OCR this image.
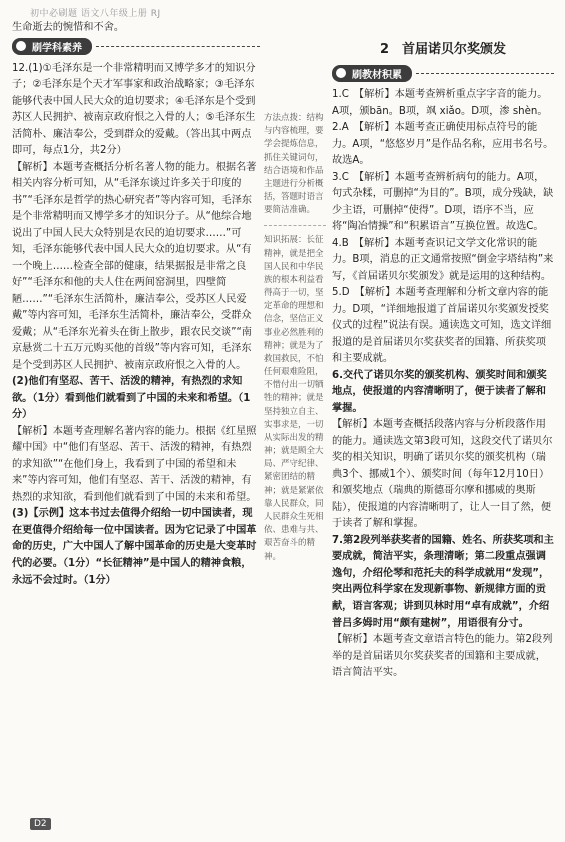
初中必刷题 语文八年级上册 RJ

生命逝去的惋惜和不舍。

刷学科素养

12.(1)①毛泽东是一个非常精明而又博学多才的知识分子；②毛泽东是个天才军事家和政治战略家；③毛泽东能够代表中国人民大众的迫切要求；④毛泽东是个受到苏区人民拥护、被南京政府恨之入骨的人；⑤毛泽东生活简朴、廉洁奉公，受到群众的爱戴。（答出其中两点即可，每点1分，共2分）

【解析】本题考查概括分析名著人物的能力。根据名著相关内容分析可知，从“毛泽东谈过许多关于印度的书”“毛泽东是哲学的热心研究者”等内容可知，毛泽东是个非常精明而又博学多才的知识分子。从“他综合地说出了中国人民大众特别是农民的迫切要求……”可知，毛泽东能够代表中国人民大众的迫切要求。从“有一个晚上……检查全部的健康，结果据报是非常之良好”“毛泽东和他的夫人住在两间窑洞里，四壁简陋……”“毛泽东生活简朴，廉洁奉公，受苏区人民爱戴”等内容可知，毛泽东生活简朴，廉洁奉公，受群众爱戴；从“毛泽东光着头在街上散步，跟农民交谈”“南京悬赏二十五万元购买他的首级”等内容可知，毛泽东是个受到苏区人民拥护、被南京政府恨之入骨的人。

(2)他们有坚忍、苦干、活泼的精神，有热烈的求知欲。（1分）看到他们就看到了中国的未来和希望。（1分）

【解析】本题考查理解名著内容的能力。根据《红星照耀中国》中“他们有坚忍、苦干、活泼的精神，有热烈的求知欲”“在他们身上，我看到了中国的希望和未来”等内容可知，他们有坚忍、苦干、活泼的精神，有热烈的求知欲，看到他们就看到了中国的未来和希望。

(3)【示例】这本书过去值得介绍给一切中国读者，现在更值得介绍给每一位中国读者。因为它记录了中国革命的历史，广大中国人了解中国革命的历史是大变革时代的必要。（1分）“长征精神”是中国人的精神食粮，永远不会过时。（1分）

方法点拨：结构与内容梳理，要学会提炼信息，抓住关键词句，结合语境和作品主题进行分析概括，答题时语言要简洁准确。
知识拓展：长征精神，就是把全国人民和中华民族的根本利益看得高于一切，坚定革命的理想和信念，坚信正义事业必然胜利的精神；就是为了救国救民，不怕任何艰难险阻，不惜付出一切牺牲的精神；就是坚持独立自主、实事求是，一切从实际出发的精神；就是顾全大局、严守纪律、紧密团结的精神；就是紧紧依靠人民群众，同人民群众生死相依、患难与共、艰苦奋斗的精神。
2　首届诺贝尔奖颁发
刷教材积累

1.C　【解析】本题考查辨析重点字字音的能力。A项，颁bān。B项，飒 xiǎo。D项，渗 shèn。

2.A　【解析】本题考查正确使用标点符号的能力。A项，“悠悠岁月”是作品名称，应用书名号。故选A。

3.C　【解析】本题考查辨析病句的能力。A项，句式杂糅，可删掉“为目的”。B项，成分残缺，缺少主语，可删掉“使得”。D项，语序不当，应将“陶冶情操”和“积累语言”互换位置。故选C。

4.B　【解析】本题考查识记文学文化常识的能力。B项，消息的正文通常按照“倒金字塔结构”来写，《首届诺贝尔奖颁发》就是运用的这种结构。

5.D　【解析】本题考查理解和分析文章内容的能力。D项，“详细地报道了首届诺贝尔奖颁发授奖仪式的过程”说法有误。通读选文可知，选文详细报道的是首届诺贝尔奖获奖者的国籍、所获奖项和主要成就。

6.交代了诺贝尔奖的颁奖机构、颁奖时间和颁奖地点，使报道的内容清晰明了，便于读者了解和掌握。

【解析】本题考查概括段落内容与分析段落作用的能力。通读选文第3段可知，这段交代了诺贝尔奖的相关知识，明确了诺贝尔奖的颁奖机构（瑞典3个、挪威1个）、颁奖时间（每年12月10日）和颁奖地点（瑞典的斯德哥尔摩和挪威的奥斯陆），使报道的内容清晰明了，让人一目了然，便于读者了解和掌握。

7.第2段列举获奖者的国籍、姓名、所获奖项和主要成就，简洁平实，条理清晰；第二段重点强调逸句，介绍伦琴和范托夫的科学成就用“发现”，突出两位科学家在发现新事物、新规律方面的贡献，语言客观；讲到贝林时用“卓有成就”，介绍普吕多姆时用“颇有建树”，用语很有分寸。

【解析】本题考查文章语言特色的能力。第2段列举的是首届诺贝尔奖获奖者的国籍和主要成就，语言简洁平实。

D2
